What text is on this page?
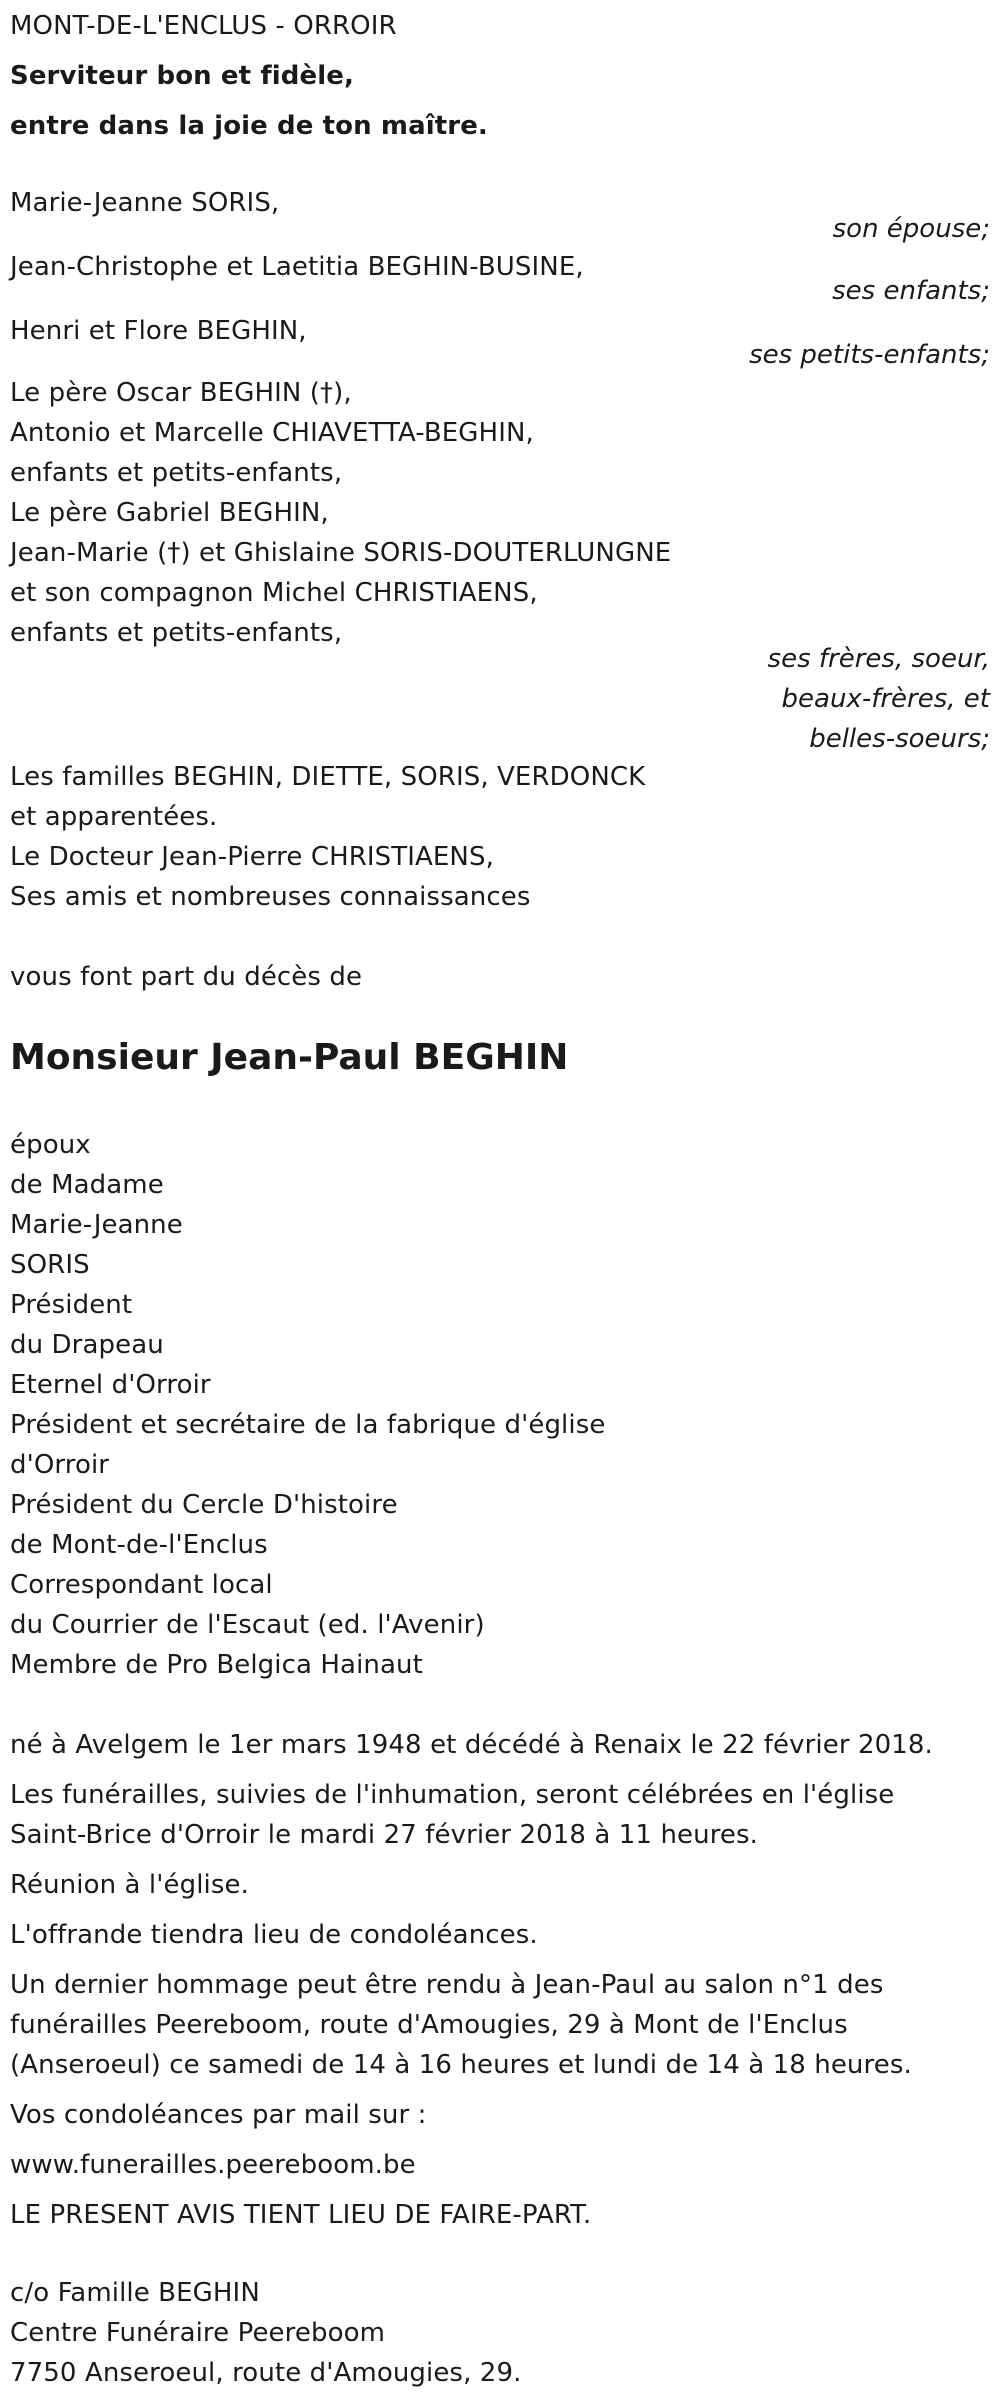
MONT-DE-L'ENCLUS - ORROIR
Serviteur bon et fidèle,
entre dans la joie de ton maître.
Marie-Jeanne SORIS,
son épouse;
Jean-Christophe et Laetitia BEGHIN-BUSINE,
ses enfants;
Henri et Flore BEGHIN,
ses petits-enfants;
Le père Oscar BEGHIN (†),
Antonio et Marcelle CHIAVETTA-BEGHIN,
enfants et petits-enfants,
Le père Gabriel BEGHIN,
Jean-Marie (†) et Ghislaine SORIS-DOUTERLUNGNE
et son compagnon Michel CHRISTIAENS,
enfants et petits-enfants,
ses frères, soeur,
beaux-frères, et
belles-soeurs;
Les familles BEGHIN, DIETTE, SORIS, VERDONCK
et apparentées.
Le Docteur Jean-Pierre CHRISTIAENS,
Ses amis et nombreuses connaissances
vous font part du décès de
Monsieur Jean-Paul BEGHIN
époux
de Madame
Marie-Jeanne
SORIS
Président
du Drapeau
Eternel d'Orroir
Président et secrétaire de la fabrique d'église
d'Orroir
Président du Cercle D'histoire
de Mont-de-l'Enclus
Correspondant local
du Courrier de l'Escaut (ed. l'Avenir)
Membre de Pro Belgica Hainaut
né à Avelgem le 1er mars 1948 et décédé à Renaix le 22 février 2018.
Les funérailles, suivies de l'inhumation, seront célébrées en l'église
Saint-Brice d'Orroir le mardi 27 février 2018 à 11 heures.
Réunion à l'église.
L'offrande tiendra lieu de condoléances.
Un dernier hommage peut être rendu à Jean-Paul au salon n°1 des
funérailles Peereboom, route d'Amougies, 29 à Mont de l'Enclus
(Anseroeul) ce samedi de 14 à 16 heures et lundi de 14 à 18 heures.
Vos condoléances par mail sur :
www.funerailles.peereboom.be
LE PRESENT AVIS TIENT LIEU DE FAIRE-PART.
c/o Famille BEGHIN
Centre Funéraire Peereboom
7750 Anseroeul, route d'Amougies, 29.
